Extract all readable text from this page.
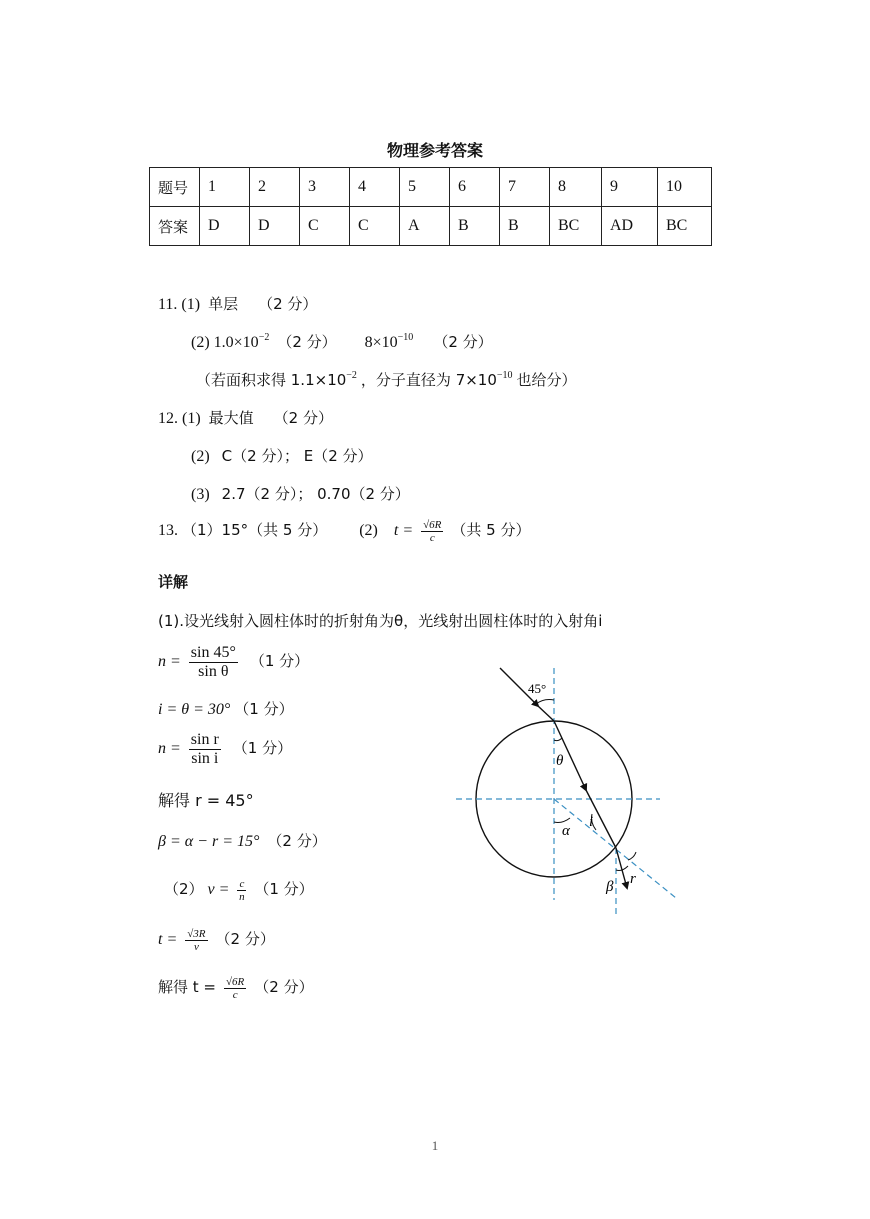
物理参考答案
题号	1	2	3	4	5	6	7	8	9	10
答案	D	D	C	C	A	B	B	BC	AD	BC
11. (1) 单层 （2 分）
(2) $1.0\times 10^{-2}$ （2 分） $8\times 10^{-10}$ （2 分）
（若面积求得 $1.1\times 10^{-2}$ ，分子直径为 $7\times 10^{-10}$ 也给分）
12. (1) 最大值 （2 分）
(2) C（2 分）； E（2 分）
(3) 2.7（2 分）； 0.70（2 分）
13. （1）15°（共 5 分） (2) $t = \frac{√6R}{c}$ （共 5 分）
详解
(1).设光线射入圆柱体时的折射角为θ，光线射出圆柱体时的入射角i
$n = \frac{\sin 45^\circ}{\text{sin θ}} (1$ 分）
i = θ = 30° （1 分）
$n = \frac{\text{sin r}}{\text{sin i}} (1$ 分）
解得 r = 45°
β = α − r = 15° （2 分）
（2） $v = \frac{c}{n} (1$ 分）
$t = \frac{√3R}{v} (2$ 分）
解得 $t = \frac{√6R}{c} (2$ 分）
45°
θ
α
i
β r
1
